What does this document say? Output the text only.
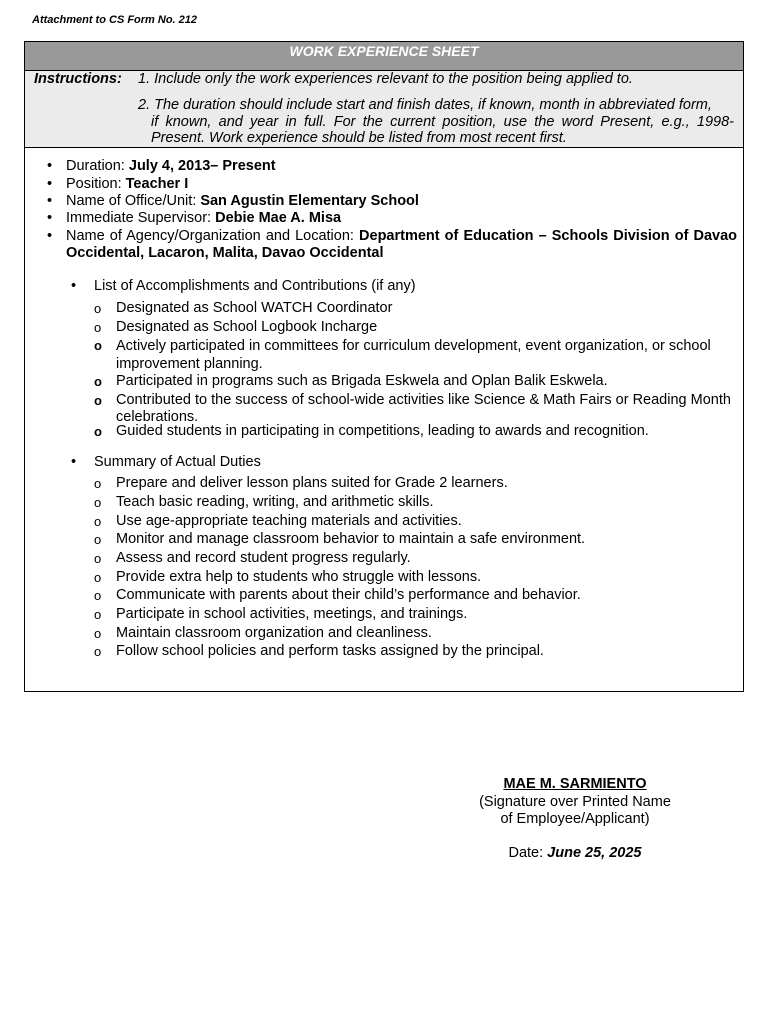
Attachment to CS Form No. 212
WORK EXPERIENCE SHEET
Instructions: 1. Include only the work experiences relevant to the position being applied to.
2. The duration should include start and finish dates, if known, month in abbreviated form,
if known, and year in full. For the current position, use the word Present, e.g., 1998-Present. Work experience should be listed from most recent first.
• Duration: July 4, 2013– Present
• Position: Teacher I
• Name of Office/Unit: San Agustin Elementary School
• Immediate Supervisor: Debie Mae A. Misa
• Name of Agency/Organization and Location: Department of Education – Schools Division of Davao Occidental, Lacaron, Malita, Davao Occidental
• List of Accomplishments and Contributions (if any)
o Designated as School WATCH Coordinator
o Designated as School Logbook Incharge
o Actively participated in committees for curriculum development, event organization, or school improvement planning.
o Participated in programs such as Brigada Eskwela and Oplan Balik Eskwela.
o Contributed to the success of school-wide activities like Science & Math Fairs or Reading Month celebrations.
o Guided students in participating in competitions, leading to awards and recognition.
• Summary of Actual Duties
o Prepare and deliver lesson plans suited for Grade 2 learners.
o Teach basic reading, writing, and arithmetic skills.
o Use age-appropriate teaching materials and activities.
o Monitor and manage classroom behavior to maintain a safe environment.
o Assess and record student progress regularly.
o Provide extra help to students who struggle with lessons.
o Communicate with parents about their child’s performance and behavior.
o Participate in school activities, meetings, and trainings.
o Maintain classroom organization and cleanliness.
o Follow school policies and perform tasks assigned by the principal.
MAE M. SARMIENTO
(Signature over Printed Name
of Employee/Applicant)
Date: June 25, 2025
